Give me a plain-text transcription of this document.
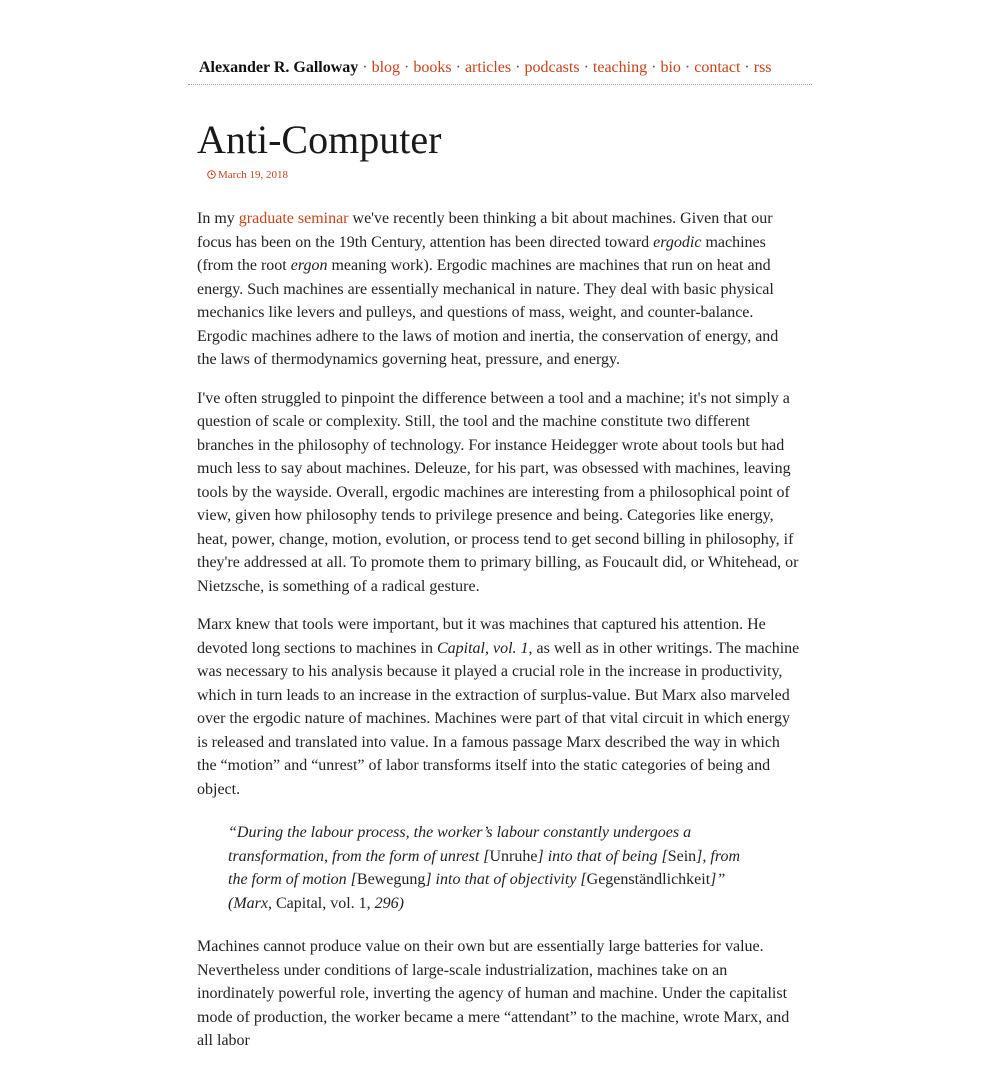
Alexander R. Galloway · blog · books · articles · podcasts · teaching · bio · contact · rss
Anti-Computer
March 19, 2018

In my graduate seminar we've recently been thinking a bit about machines. Given that our focus has been on the 19th Century, attention has been directed toward ergodic machines (from the root ergon meaning work). Ergodic machines are machines that run on heat and energy. Such machines are essentially mechanical in nature. They deal with basic physical mechanics like levers and pulleys, and questions of mass, weight, and counter-balance. Ergodic machines adhere to the laws of motion and inertia, the conservation of energy, and the laws of thermodynamics governing heat, pressure, and energy.

I've often struggled to pinpoint the difference between a tool and a machine; it's not simply a question of scale or complexity. Still, the tool and the machine constitute two different branches in the philosophy of technology. For instance Heidegger wrote about tools but had much less to say about machines. Deleuze, for his part, was obsessed with machines, leaving tools by the wayside. Overall, ergodic machines are interesting from a philosophical point of view, given how philosophy tends to privilege presence and being. Categories like energy, heat, power, change, motion, evolution, or process tend to get second billing in philosophy, if they're addressed at all. To promote them to primary billing, as Foucault did, or Whitehead, or Nietzsche, is something of a radical gesture.

Marx knew that tools were important, but it was machines that captured his attention. He devoted long sections to machines in Capital, vol. 1, as well as in other writings. The machine was necessary to his analysis because it played a crucial role in the increase in productivity, which in turn leads to an increase in the extraction of surplus-value. But Marx also marveled over the ergodic nature of machines. Machines were part of that vital circuit in which energy is released and translated into value. In a famous passage Marx described the way in which the “motion” and “unrest” of labor transforms itself into the static categories of being and object.

“During the labour process, the worker’s labour constantly undergoes a transformation, from the form of unrest [Unruhe] into that of being [Sein], from the form of motion [Bewegung] into that of objectivity [Gegenständlichkeit]” (Marx, Capital, vol. 1, 296)

Machines cannot produce value on their own but are essentially large batteries for value. Nevertheless under conditions of large-scale industrialization, machines take on an inordinately powerful role, inverting the agency of human and machine. Under the capitalist mode of production, the worker became a mere “attendant” to the machine, wrote Marx, and all labor
